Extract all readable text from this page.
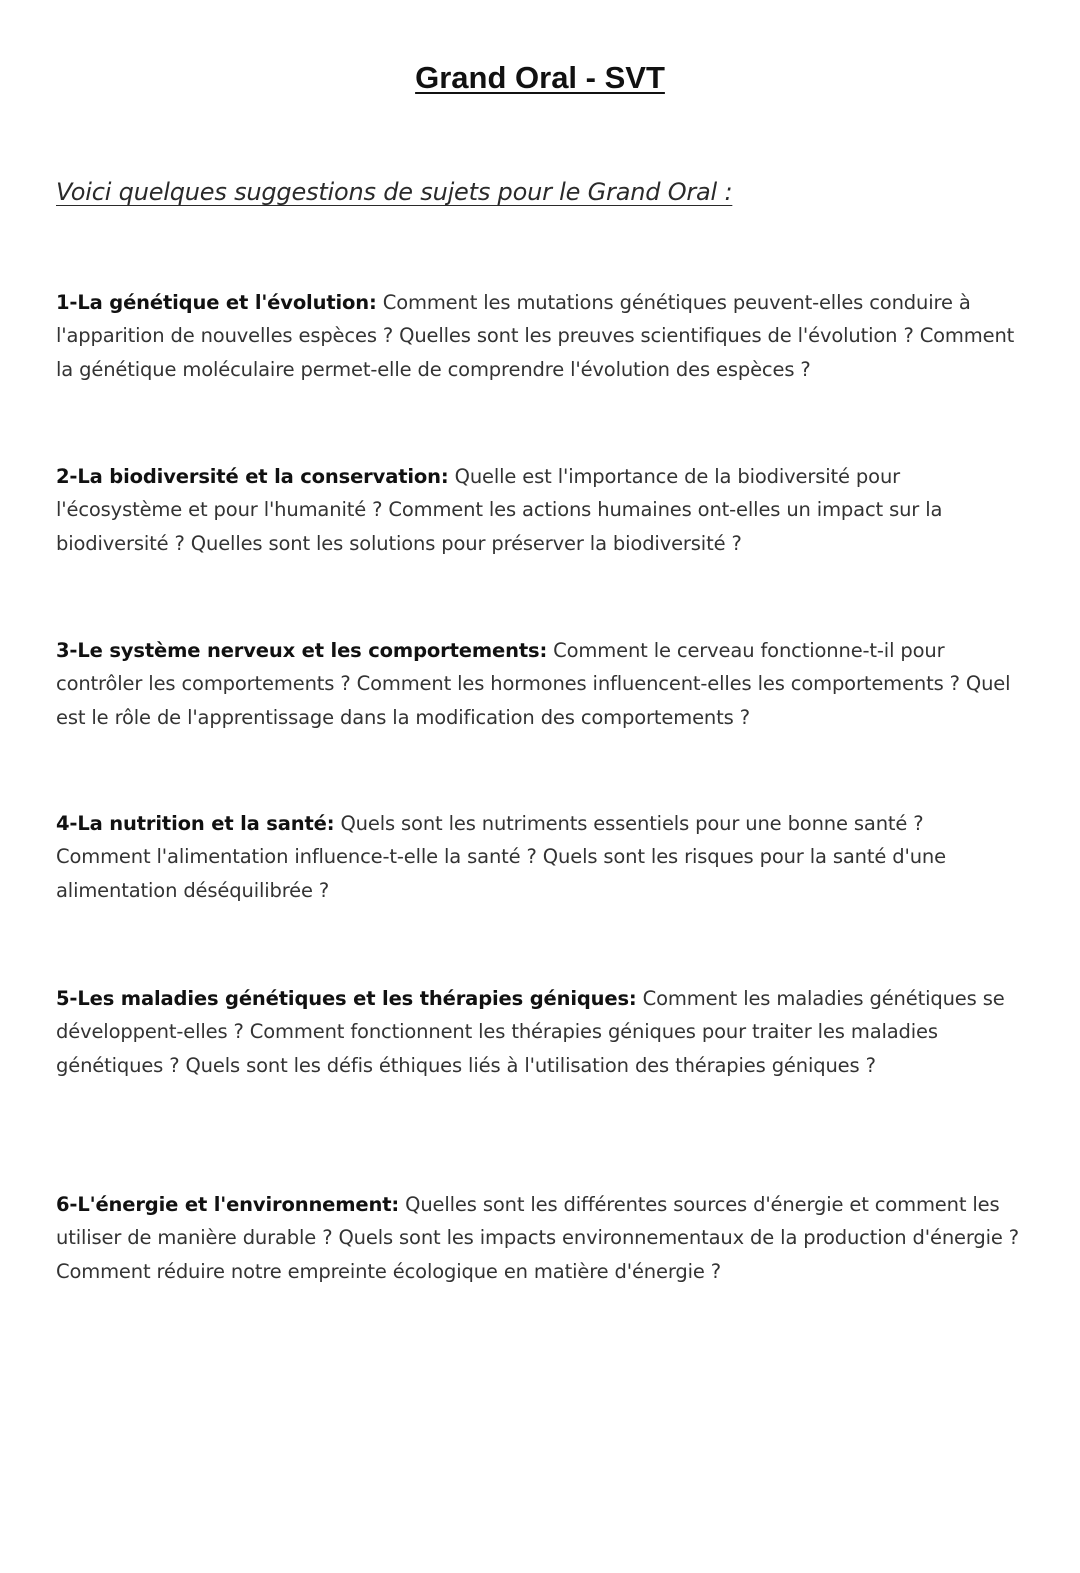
Grand Oral - SVT
Voici quelques suggestions de sujets pour le Grand Oral :

1-La génétique et l'évolution: Comment les mutations génétiques peuvent-elles conduire à l'apparition de nouvelles espèces ? Quelles sont les preuves scientifiques de l'évolution ? Comment la génétique moléculaire permet-elle de comprendre l'évolution des espèces ?

2-La biodiversité et la conservation: Quelle est l'importance de la biodiversité pour l'écosystème et pour l'humanité ? Comment les actions humaines ont-elles un impact sur la biodiversité ? Quelles sont les solutions pour préserver la biodiversité ?

3-Le système nerveux et les comportements: Comment le cerveau fonctionne-t-il pour contrôler les comportements ? Comment les hormones influencent-elles les comportements ? Quel est le rôle de l'apprentissage dans la modification des comportements ?

4-La nutrition et la santé: Quels sont les nutriments essentiels pour une bonne santé ? Comment l'alimentation influence-t-elle la santé ? Quels sont les risques pour la santé d'une alimentation déséquilibrée ?

5-Les maladies génétiques et les thérapies géniques: Comment les maladies génétiques se développent-elles ? Comment fonctionnent les thérapies géniques pour traiter les maladies génétiques ? Quels sont les défis éthiques liés à l'utilisation des thérapies géniques ?

6-L'énergie et l'environnement: Quelles sont les différentes sources d'énergie et comment les utiliser de manière durable ? Quels sont les impacts environnementaux de la production d'énergie ? Comment réduire notre empreinte écologique en matière d'énergie ?
